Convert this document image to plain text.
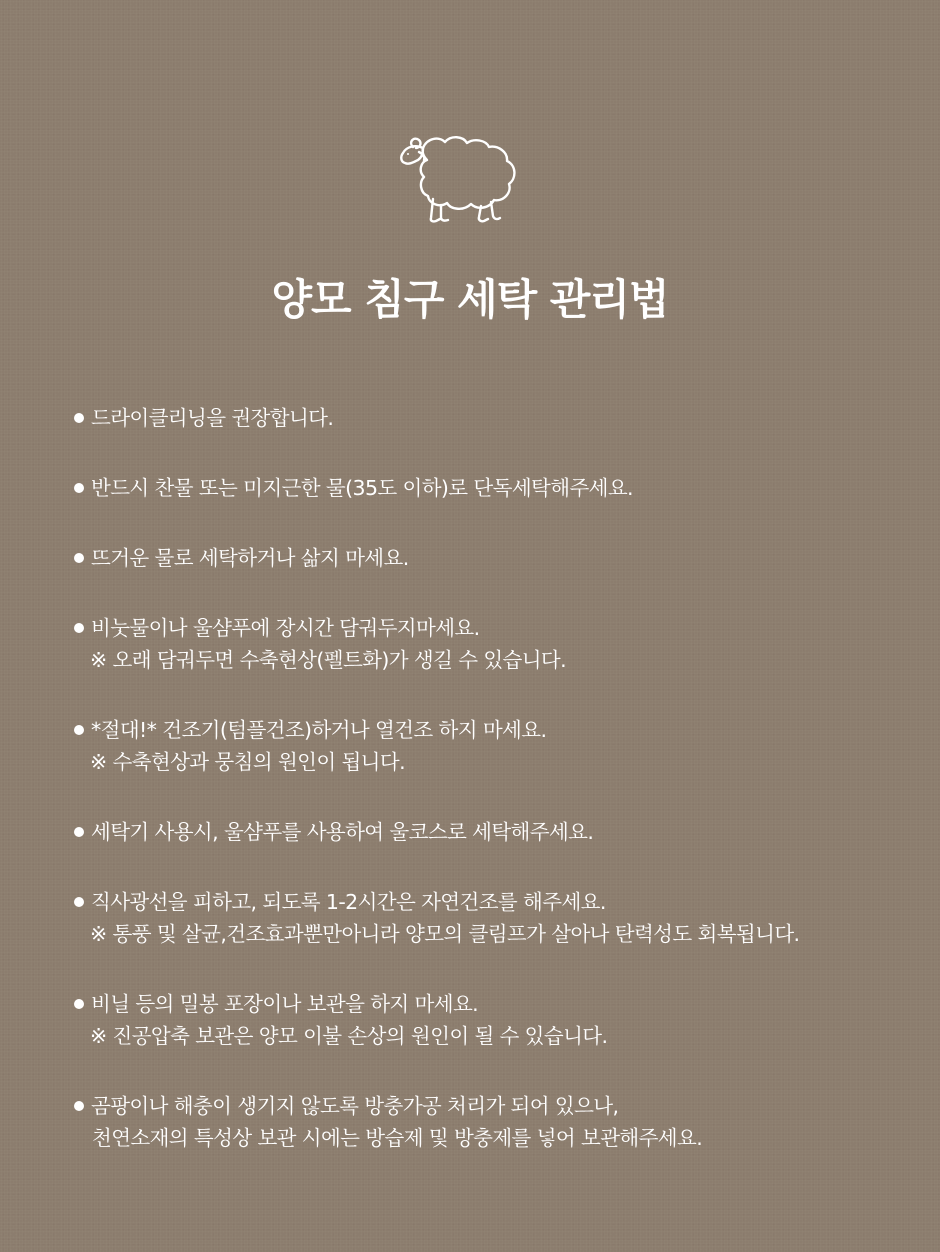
양모 침구 세탁 관리법
드라이클리닝을 권장합니다.
반드시 찬물 또는 미지근한 물(35도 이하)로 단독세탁해주세요.
뜨거운 물로 세탁하거나 삶지 마세요.
비눗물이나 울샴푸에 장시간 담궈두지마세요.
※ 오래 담궈두면 수축현상(펠트화)가 생길 수 있습니다.
*절대!* 건조기(텀플건조)하거나 열건조 하지 마세요.
※ 수축현상과 뭉침의 원인이 됩니다.
세탁기 사용시, 울샴푸를 사용하여 울코스로 세탁해주세요.
직사광선을 피하고, 되도록 1-2시간은 자연건조를 해주세요.
※ 통풍 및 살균,건조효과뿐만아니라 양모의 클림프가 살아나 탄력성도 회복됩니다.
비닐 등의 밀봉 포장이나 보관을 하지 마세요.
※ 진공압축 보관은 양모 이불 손상의 원인이 될 수 있습니다.
곰팡이나 해충이 생기지 않도록 방충가공 처리가 되어 있으나,
천연소재의 특성상 보관 시에는 방습제 및 방충제를 넣어 보관해주세요.
